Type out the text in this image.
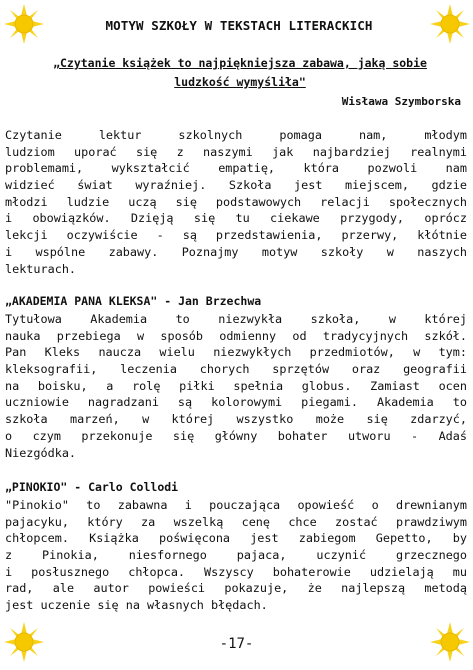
MOTYW SZKOŁY W TEKSTACH LITERACKICH
„Czytanie książek to najpiękniejsza zabawa, jaką sobie
ludzkość wymyśliła"
Wisława Szymborska
Czytanie lektur szkolnych pomaga nam, młodym
ludziom uporać się z naszymi jak najbardziej realnymi
problemami, wykształcić empatię, która pozwoli nam
widzieć świat wyraźniej. Szkoła jest miejscem, gdzie
młodzi ludzie uczą się podstawowych relacji społecznych
i obowiązków. Dzięją się tu ciekawe przygody, oprócz
lekcji oczywiście - są przedstawienia, przerwy, kłótnie
i wspólne zabawy. Poznajmy motyw szkoły w naszych
lekturach.
„AKADEMIA PANA KLEKSA" - Jan Brzechwa
Tytułowa Akademia to niezwykła szkoła, w której
nauka przebiega w sposób odmienny od tradycyjnych szkół.
Pan Kleks naucza wielu niezwykłych przedmiotów, w tym:
kleksografii, leczenia chorych sprzętów oraz geografii
na boisku, a rolę piłki spełnia globus. Zamiast ocen
uczniowie nagradzani są kolorowymi piegami. Akademia to
szkoła marzeń, w której wszystko może się zdarzyć,
o czym przekonuje się główny bohater utworu - Adaś
Niezgódka.
„PINOKIO" - Carlo Collodi
"Pinokio" to zabawna i pouczająca opowieść o drewnianym
pajacyku, który za wszelką cenę chce zostać prawdziwym
chłopcem. Książka poświęcona jest zabiegom Gepetto, by
z Pinokia, niesfornego pajaca, uczynić grzecznego
i posłusznego chłopca. Wszyscy bohaterowie udzielają mu
rad, ale autor powieści pokazuje, że najlepszą metodą
jest uczenie się na własnych błędach.
-17-
